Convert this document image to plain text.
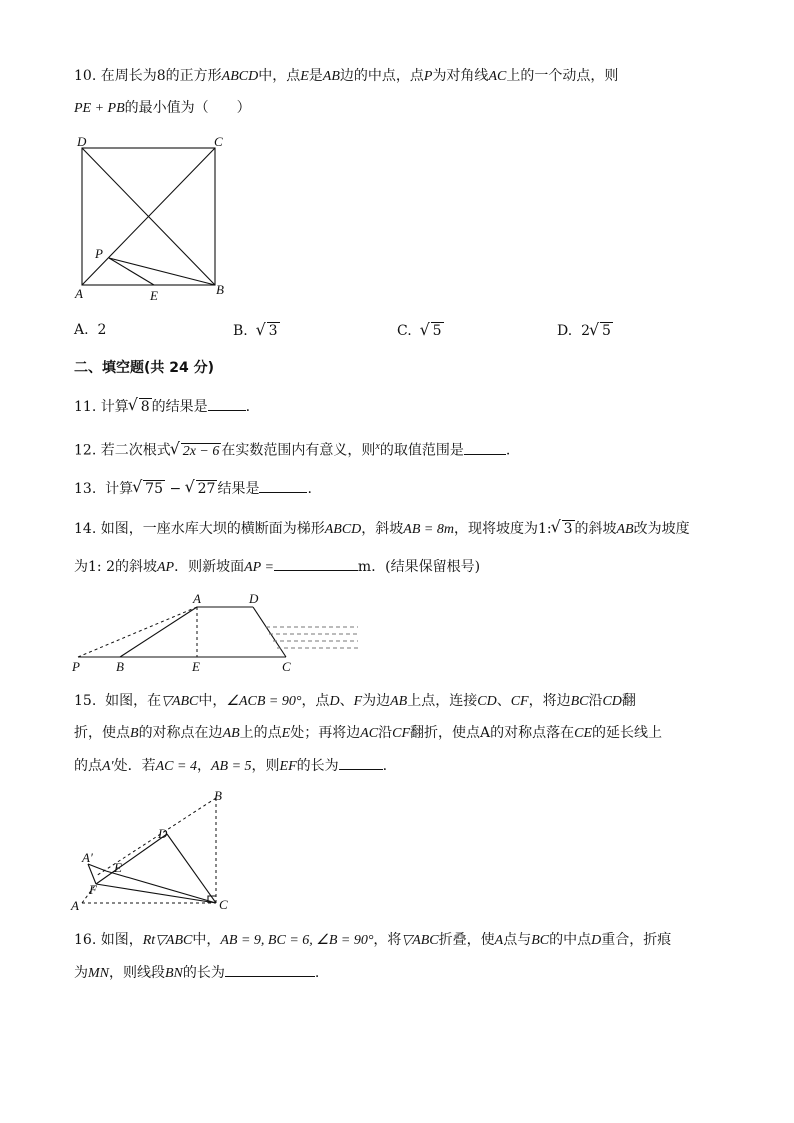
10. 在周长为8的正方形ABCD中，点E是AB边的中点，点P为对角线AC上的一个动点，则
PE + PB的最小值为（　　）
D	C
P
A	E	B
A. 2	B. √ 3	C. √ 5	D. 2 √ 5
二、填空题(共 24 分)
11. 计算 √ 8 的结果是	.
12. 若二次根式 √ 2x − 6 在实数范围内有意义，则$^x$的取值范围是	.
13. 计算 √ 75 − √ 27 结果是	.
14. 如图，一座水库大坝的横断面为梯形ABCD，斜坡AB = 8m，现将坡度为1: √ 3 的斜坡AB改为坡度
为1: 2的斜坡AP．则新坡面AP =	m．(结果保留根号)
A	D
P	B	E	C
15. 如图，在▽ABC中，∠ACB = 90°，点D、F为边AB上点，连接CD、CF，将边BC沿CD翻
折，使点B的对称点在边AB上的点E处；再将边AC沿CF翻折，使点A的对称点落在CE的延长线上
的点A′处．若AC = 4，AB = 5，则EF的长为	.
B
D
A′
E
F
A	C
16. 如图，Rt▽ABC中，AB = 9, BC = 6, ∠B = 90°，将▽ABC折叠，使A点与BC的中点D重合，折痕
为MN，则线段BN的长为	.
